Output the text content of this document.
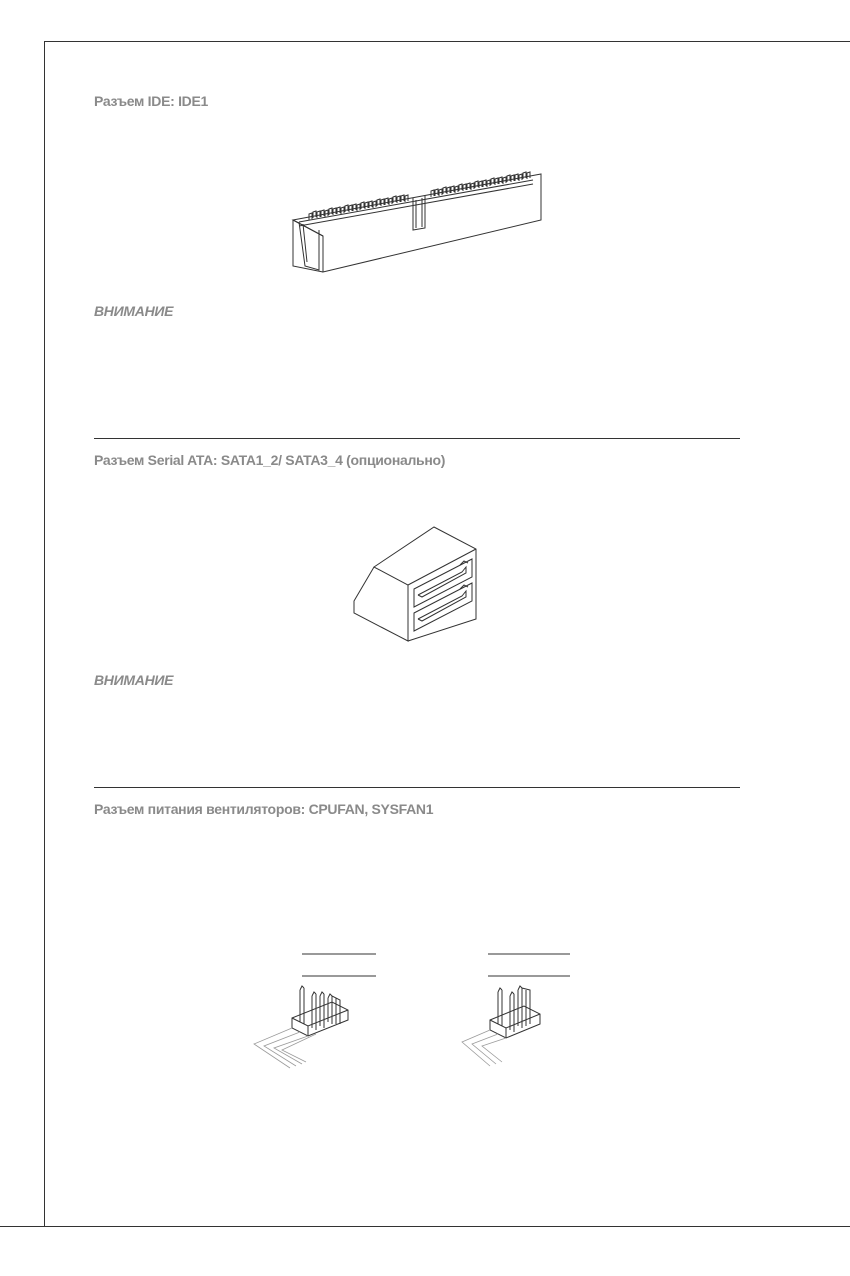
Разъем IDE: IDE1
ВНИМАНИЕ
Разъем Serial ATA: SATA1_2/ SATA3_4 (опционально)
ВНИМАНИЕ
Разъем питания вентиляторов: CPUFAN, SYSFAN1
